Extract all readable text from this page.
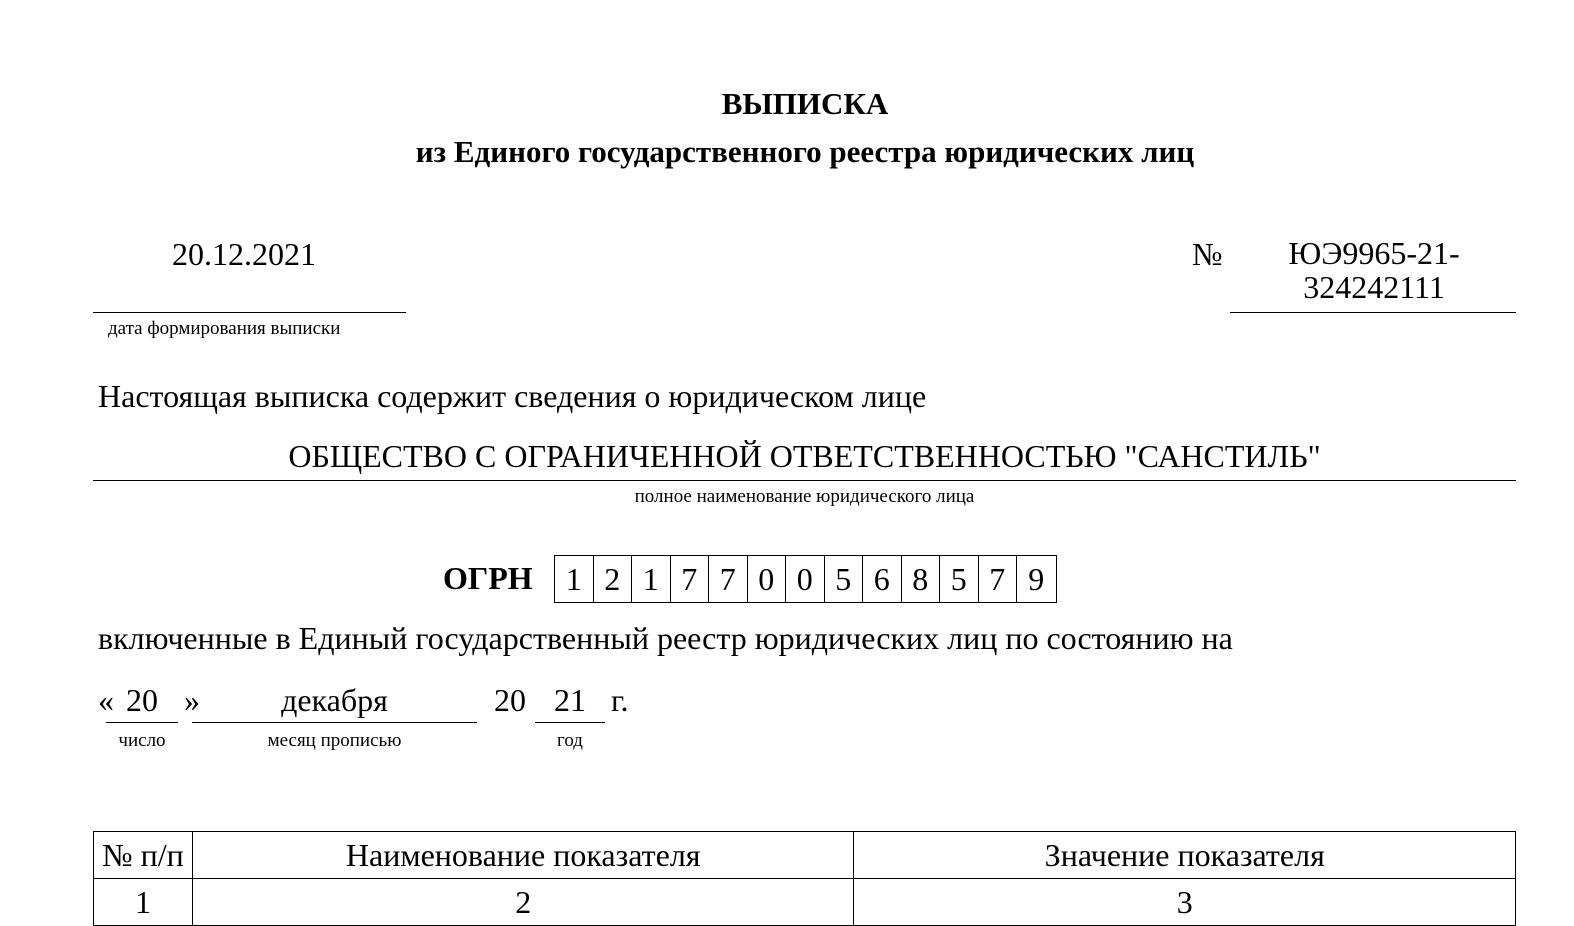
ВЫПИСКА
из Единого государственного реестра юридических лиц
20.12.2021
дата формирования выписки
№	ЮЭ9965-21-
324242111
Настоящая выписка содержит сведения о юридическом лице
ОБЩЕСТВО С ОГРАНИЧЕННОЙ ОТВЕТСТВЕННОСТЬЮ "САНСТИЛЬ"
полное наименование юридического лица
ОГРН	1 2 1 7 7 0 0 5 6 8 5 7 9
включенные в Единый государственный реестр юридических лиц по состоянию на
« 20 »	декабря	20 21 г.
число	месяц прописью	год
№ п/п	Наименование показателя	Значение показателя
1	2	3
